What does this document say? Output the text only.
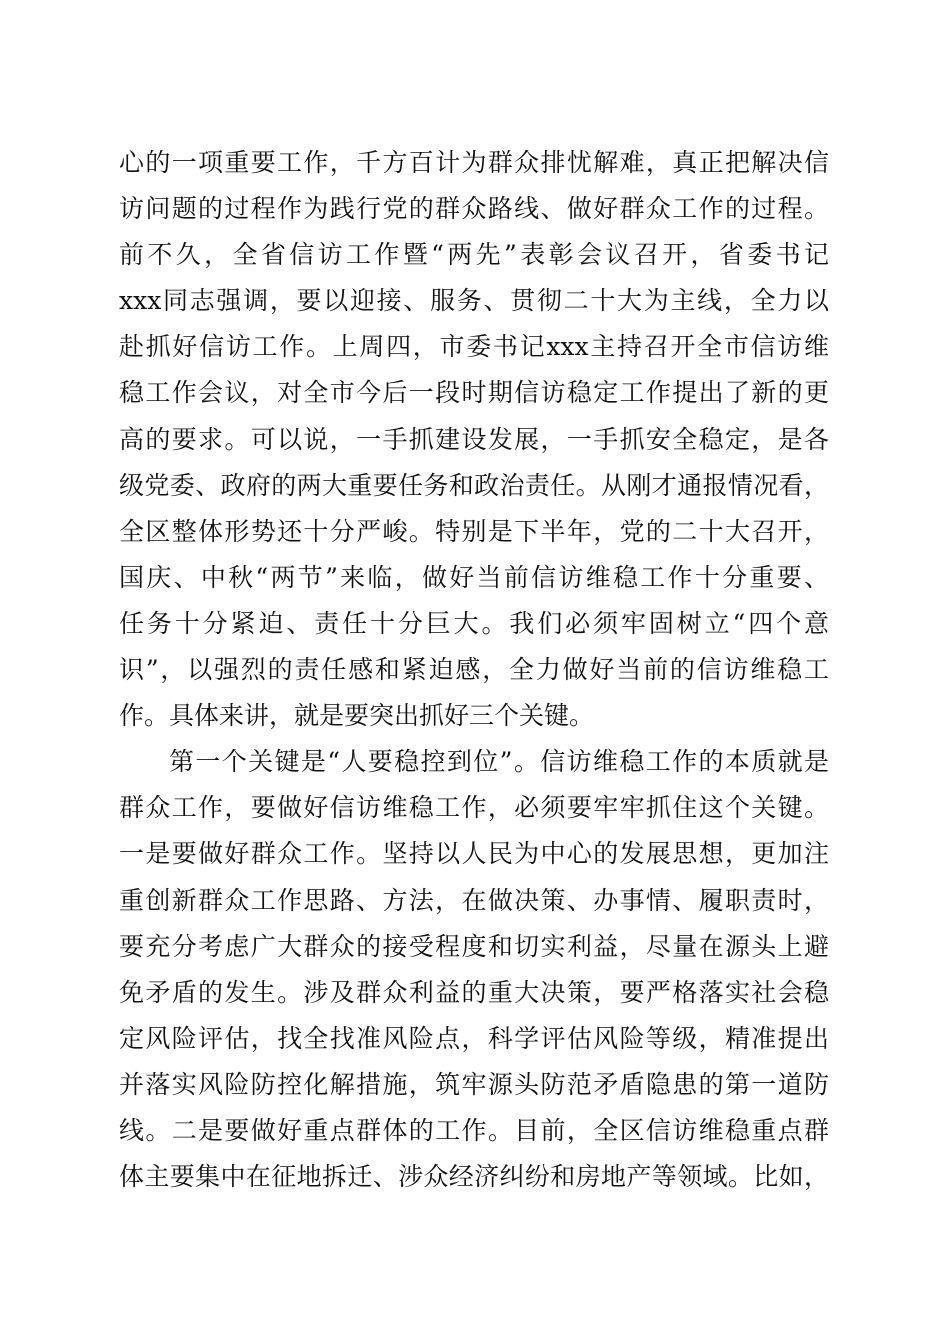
心的一项重要工作，千方百计为群众排忧解难，真正把解决信
访问题的过程作为践行党的群众路线、做好群众工作的过程。
前不久，全省信访工作暨“两先”表彰会议召开，省委书记
xxx同志强调，要以迎接、服务、贯彻二十大为主线，全力以
赴抓好信访工作。上周四，市委书记xxx主持召开全市信访维
稳工作会议，对全市今后一段时期信访稳定工作提出了新的更
高的要求。可以说，一手抓建设发展，一手抓安全稳定，是各
级党委、政府的两大重要任务和政治责任。从刚才通报情况看，
全区整体形势还十分严峻。特别是下半年，党的二十大召开，
国庆、中秋“两节”来临，做好当前信访维稳工作十分重要、
任务十分紧迫、责任十分巨大。我们必须牢固树立“四个意
识”，以强烈的责任感和紧迫感，全力做好当前的信访维稳工
作。具体来讲，就是要突出抓好三个关键。
第一个关键是“人要稳控到位”。信访维稳工作的本质就是
群众工作，要做好信访维稳工作，必须要牢牢抓住这个关键。
一是要做好群众工作。坚持以人民为中心的发展思想，更加注
重创新群众工作思路、方法，在做决策、办事情、履职责时，
要充分考虑广大群众的接受程度和切实利益，尽量在源头上避
免矛盾的发生。涉及群众利益的重大决策，要严格落实社会稳
定风险评估，找全找准风险点，科学评估风险等级，精准提出
并落实风险防控化解措施，筑牢源头防范矛盾隐患的第一道防
线。二是要做好重点群体的工作。目前，全区信访维稳重点群
体主要集中在征地拆迁、涉众经济纠纷和房地产等领域。比如，
